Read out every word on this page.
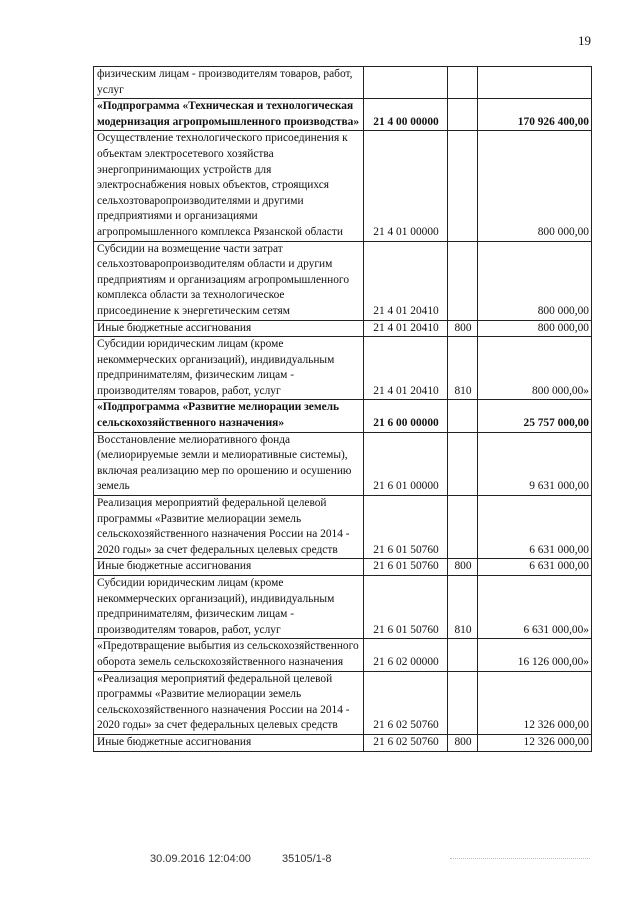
19
физическим лицам - производителям товаров, работ, услуг			
«Подпрограмма «Техническая и технологическая модернизация агропромышленного производства»	21 4 00 00000		170 926 400,00
Осуществление технологического присоединения к объектам электросетевого хозяйства энергопринимающих устройств для электроснабжения новых объектов, строящихся сельхозтоваропроизводителями и другими предприятиями и организациями агропромышленного комплекса Рязанской области	21 4 01 00000		800 000,00
Субсидии на возмещение части затрат сельхозтоваропроизводителям области и другим предприятиям и организациям агропромышленного комплекса области за технологическое присоединение к энергетическим сетям	21 4 01 20410		800 000,00
Иные бюджетные ассигнования	21 4 01 20410	800	800 000,00
Субсидии юридическим лицам (кроме некоммерческих организаций), индивидуальным предпринимателям, физическим лицам - производителям товаров, работ, услуг	21 4 01 20410	810	800 000,00»
«Подпрограмма «Развитие мелиорации земель сельскохозяйственного назначения»	21 6 00 00000		25 757 000,00
Восстановление мелиоративного фонда (мелиорируемые земли и мелиоративные системы), включая реализацию мер по орошению и осушению земель	21 6 01 00000		9 631 000,00
Реализация мероприятий федеральной целевой программы «Развитие мелиорации земель сельскохозяйственного назначения России на 2014 - 2020 годы» за счет федеральных целевых средств	21 6 01 50760		6 631 000,00
Иные бюджетные ассигнования	21 6 01 50760	800	6 631 000,00
Субсидии юридическим лицам (кроме некоммерческих организаций), индивидуальным предпринимателям, физическим лицам - производителям товаров, работ, услуг	21 6 01 50760	810	6 631 000,00»
«Предотвращение выбытия из сельскохозяйственного оборота земель сельскохозяйственного назначения	21 6 02 00000		16 126 000,00»
«Реализация мероприятий федеральной целевой программы «Развитие мелиорации земель сельскохозяйственного назначения России на 2014 - 2020 годы» за счет федеральных целевых средств	21 6 02 50760		12 326 000,00
Иные бюджетные ассигнования	21 6 02 50760	800	12 326 000,00
30.09.2016 12:04:00	35105/1-8
